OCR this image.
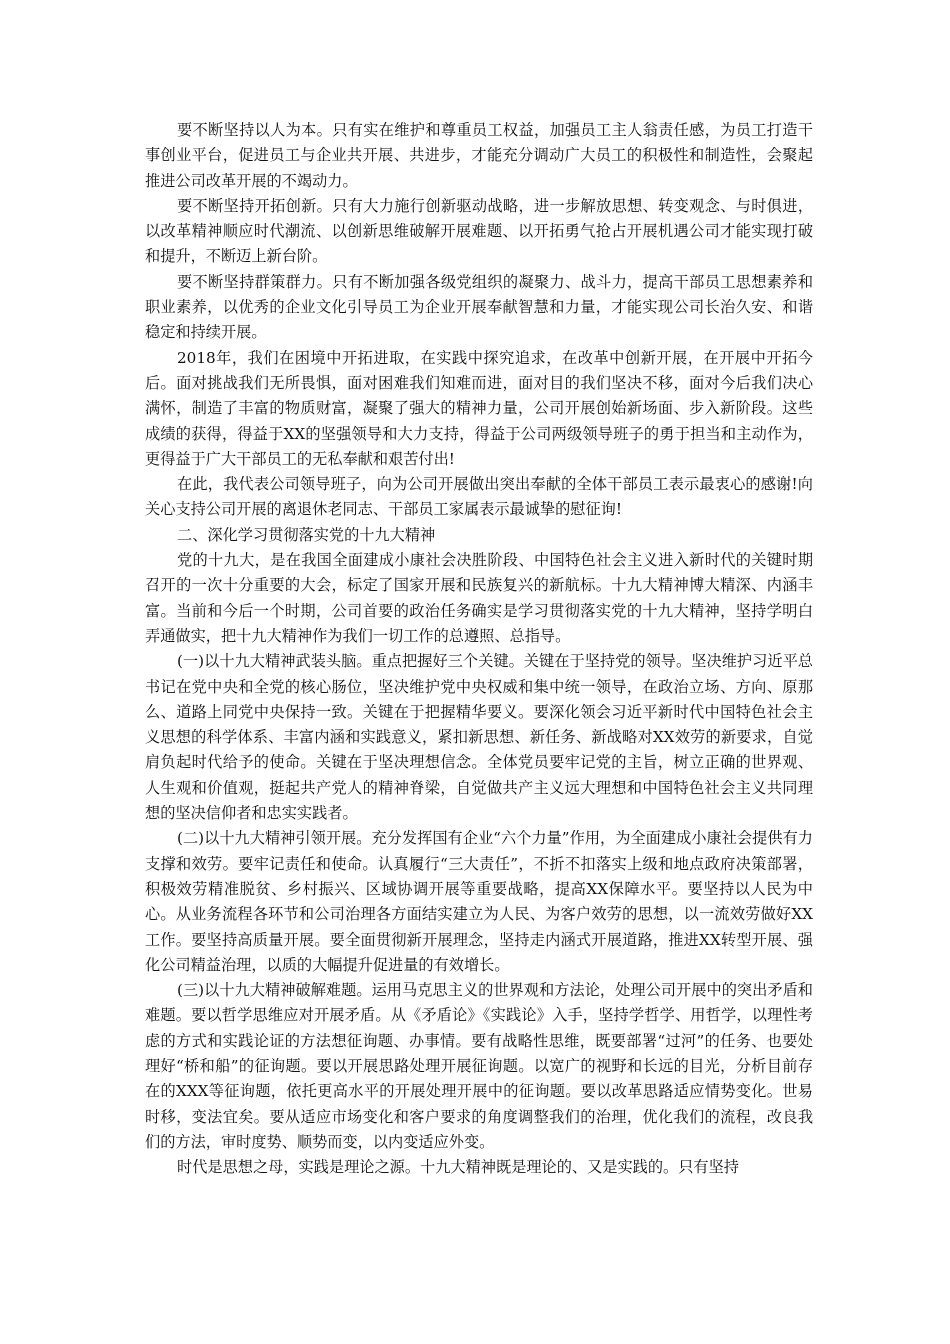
要不断坚持以人为本。只有实在维护和尊重员工权益，加强员工主人翁责任感，为员工打造干事创业平台，促进员工与企业共开展、共进步，才能充分调动广大员工的积极性和制造性，会聚起推进公司改革开展的不竭动力。

要不断坚持开拓创新。只有大力施行创新驱动战略，进一步解放思想、转变观念、与时俱进，以改革精神顺应时代潮流、以创新思维破解开展难题、以开拓勇气抢占开展机遇公司才能实现打破和提升，不断迈上新台阶。

要不断坚持群策群力。只有不断加强各级党组织的凝聚力、战斗力，提高干部员工思想素养和职业素养，以优秀的企业文化引导员工为企业开展奉献智慧和力量，才能实现公司长治久安、和谐稳定和持续开展。

2018年，我们在困境中开拓进取，在实践中探究追求，在改革中创新开展，在开展中开拓今后。面对挑战我们无所畏惧，面对困难我们知难而进，面对目的我们坚决不移，面对今后我们决心满怀，制造了丰富的物质财富，凝聚了强大的精神力量，公司开展创始新场面、步入新阶段。这些成绩的获得，得益于XX的坚强领导和大力支持，得益于公司两级领导班子的勇于担当和主动作为，更得益于广大干部员工的无私奉献和艰苦付出!

在此，我代表公司领导班子，向为公司开展做出突出奉献的全体干部员工表示最衷心的感谢!向关心支持公司开展的离退休老同志、干部员工家属表示最诚挚的慰征询!

二、深化学习贯彻落实党的十九大精神

党的十九大，是在我国全面建成小康社会决胜阶段、中国特色社会主义进入新时代的关键时期召开的一次十分重要的大会，标定了国家开展和民族复兴的新航标。十九大精神博大精深、内涵丰富。当前和今后一个时期，公司首要的政治任务确实是学习贯彻落实党的十九大精神，坚持学明白弄通做实，把十九大精神作为我们一切工作的总遵照、总指导。

(一)以十九大精神武装头脑。重点把握好三个关键。关键在于坚持党的领导。坚决维护习近平总书记在党中央和全党的核心肠位，坚决维护党中央权威和集中统一领导，在政治立场、方向、原那么、道路上同党中央保持一致。关键在于把握精华要义。要深化领会习近平新时代中国特色社会主义思想的科学体系、丰富内涵和实践意义，紧扣新思想、新任务、新战略对XX效劳的新要求，自觉肩负起时代给予的使命。关键在于坚决理想信念。全体党员要牢记党的主旨，树立正确的世界观、人生观和价值观，挺起共产党人的精神脊梁，自觉做共产主义远大理想和中国特色社会主义共同理想的坚决信仰者和忠实实践者。

(二)以十九大精神引领开展。充分发挥国有企业“六个力量”作用，为全面建成小康社会提供有力支撑和效劳。要牢记责任和使命。认真履行“三大责任”，不折不扣落实上级和地点政府决策部署，积极效劳精准脱贫、乡村振兴、区域协调开展等重要战略，提高XX保障水平。要坚持以人民为中心。从业务流程各环节和公司治理各方面结实建立为人民、为客户效劳的思想，以一流效劳做好XX工作。要坚持高质量开展。要全面贯彻新开展理念，坚持走内涵式开展道路，推进XX转型开展、强化公司精益治理，以质的大幅提升促进量的有效增长。

(三)以十九大精神破解难题。运用马克思主义的世界观和方法论，处理公司开展中的突出矛盾和难题。要以哲学思维应对开展矛盾。从《矛盾论》《实践论》入手，坚持学哲学、用哲学，以理性考虑的方式和实践论证的方法想征询题、办事情。要有战略性思维，既要部署“过河”的任务、也要处理好“桥和船”的征询题。要以开展思路处理开展征询题。以宽广的视野和长远的目光，分析目前存在的XXX等征询题，依托更高水平的开展处理开展中的征询题。要以改革思路适应情势变化。世易时移，变法宜矣。要从适应市场变化和客户要求的角度调整我们的治理，优化我们的流程，改良我们的方法，审时度势、顺势而变，以内变适应外变。

时代是思想之母，实践是理论之源。十九大精神既是理论的、又是实践的。只有坚持
